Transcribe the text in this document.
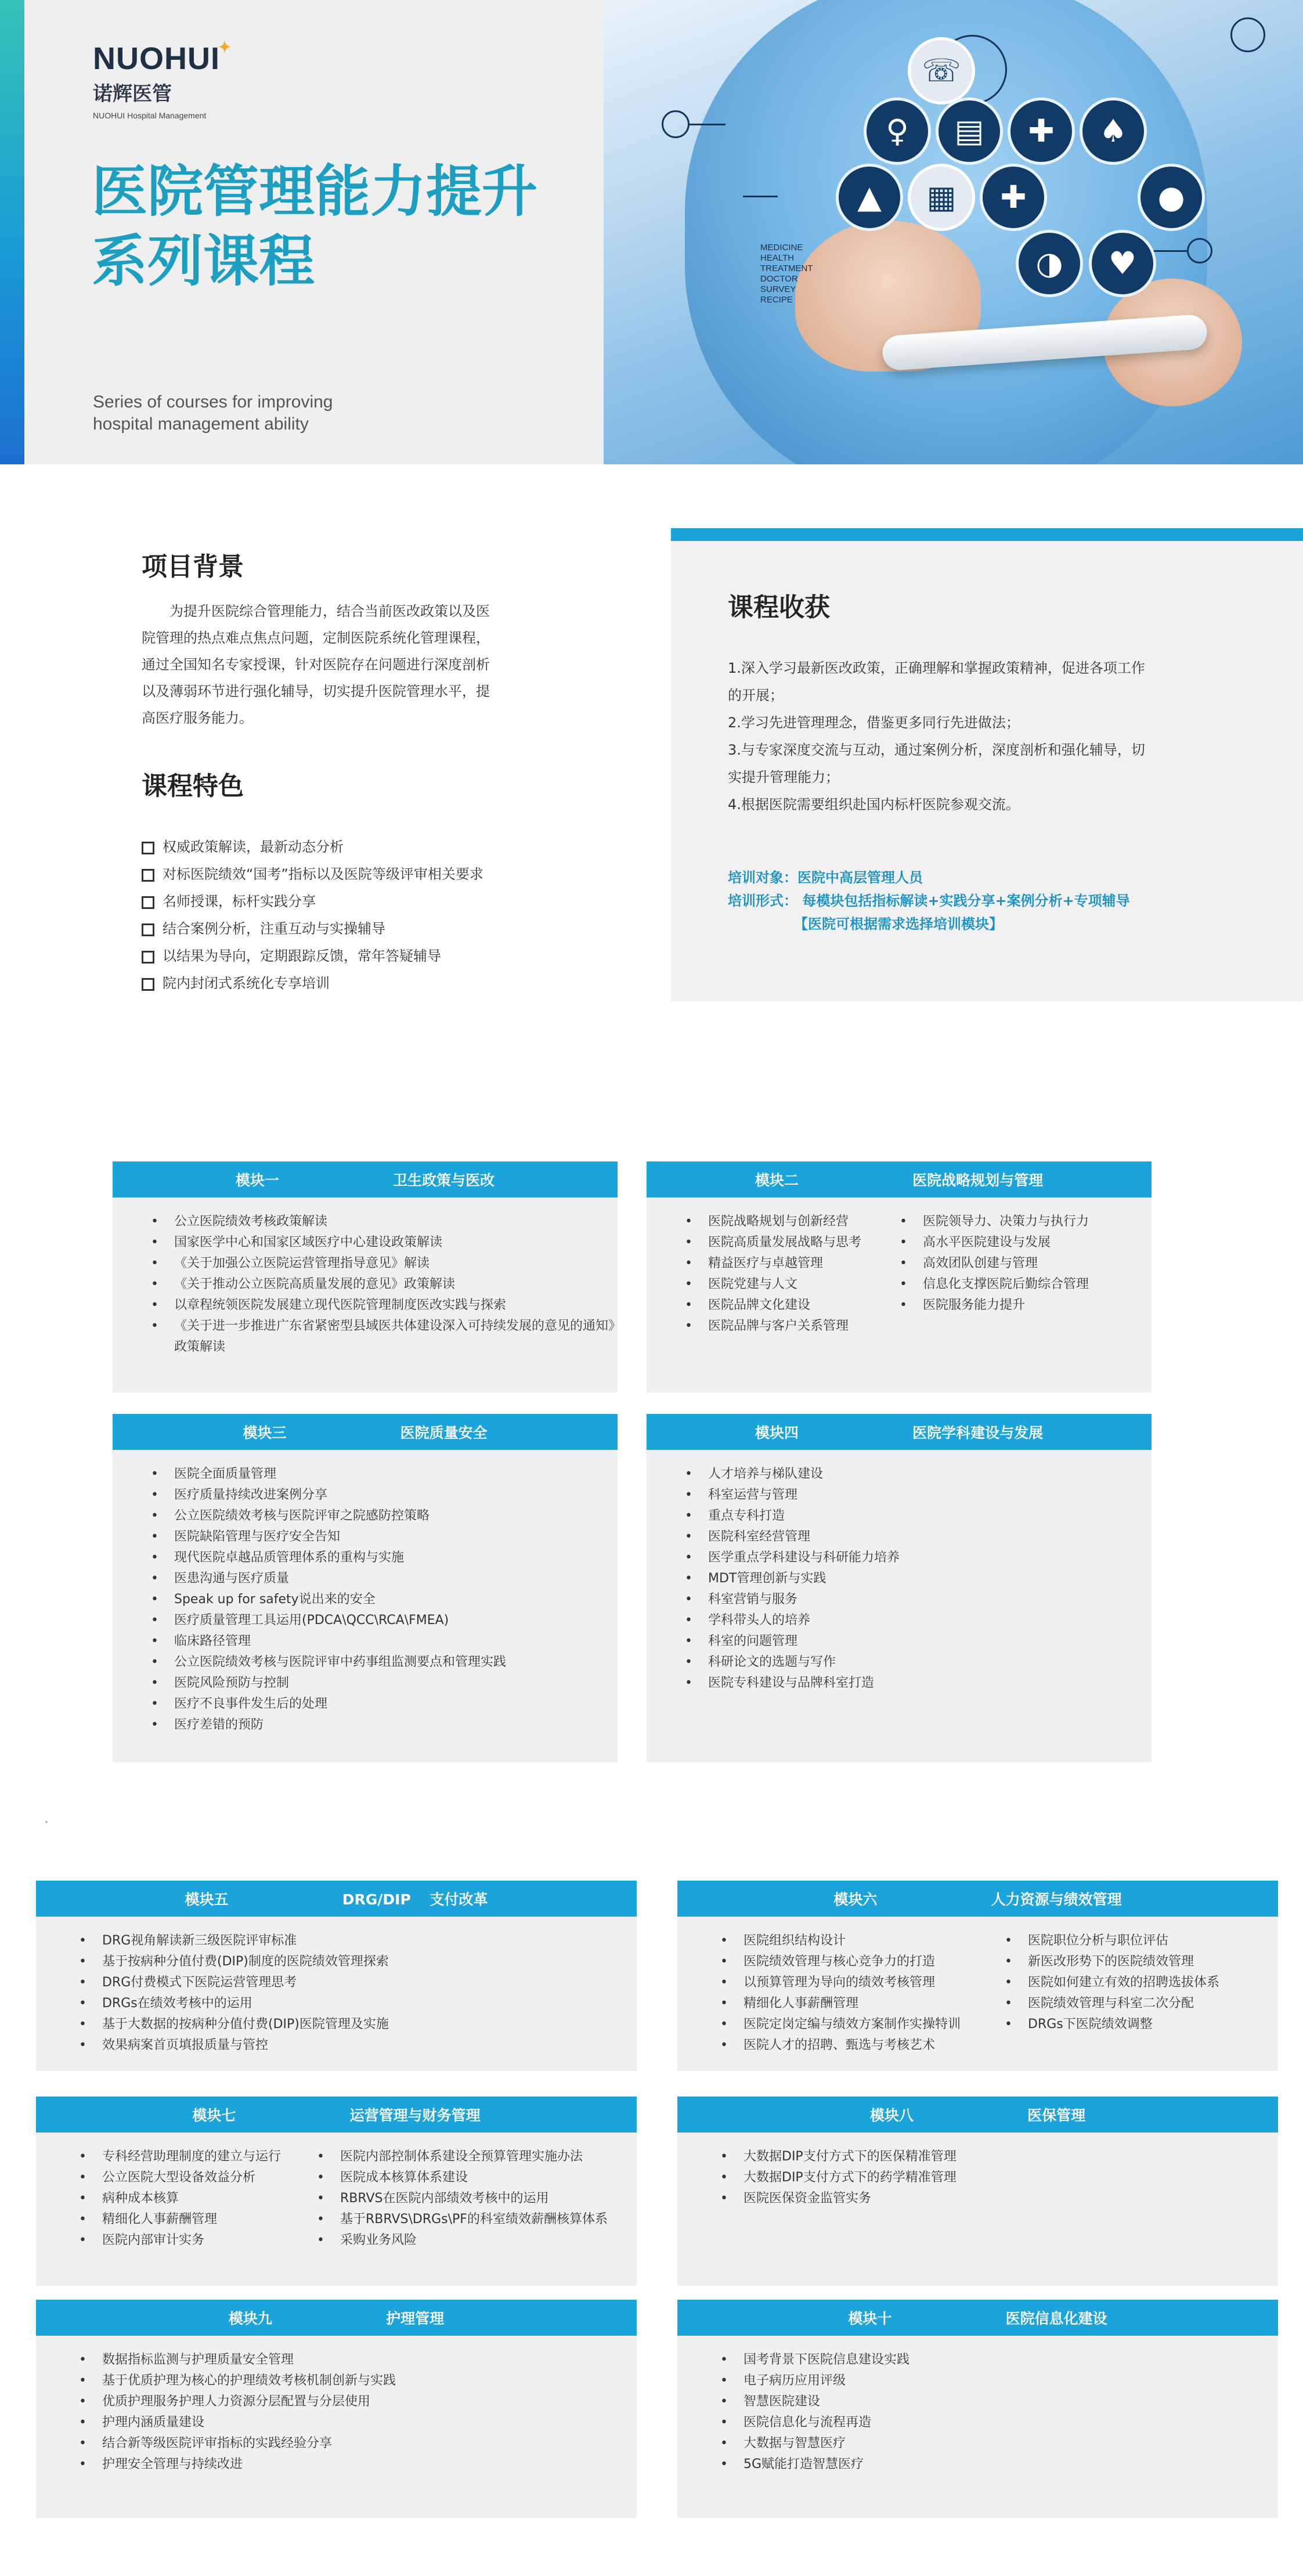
☏
♀	▤	✚	♠
▲	▦	✚	●
◑	♥
MEDICINE
HEALTH
TREATMENT
DOCTOR
SURVEY
RECIPE
NUOHUI
✦
诺辉医管
NUOHUI Hospital Management
医院管理能力提升
系列课程
Series of courses for improving
hospital management ability
项目背景

为提升医院综合管理能力，结合当前医改政策以及医院管理的热点难点焦点问题，定制医院系统化管理课程，通过全国知名专家授课，针对医院存在问题进行深度剖析以及薄弱环节进行强化辅导，切实提升医院管理水平，提高医疗服务能力。

课程特色
权威政策解读，最新动态分析
对标医院绩效“国考”指标以及医院等级评审相关要求
名师授课，标杆实践分享
结合案例分析，注重互动与实操辅导
以结果为导向，定期跟踪反馈，常年答疑辅导
院内封闭式系统化专享培训
课程收获
1.深入学习最新医改政策，正确理解和掌握政策精神，促进各项工作的开展；
2.学习先进管理理念，借鉴更多同行先进做法；
3.与专家深度交流与互动，通过案例分析，深度剖析和强化辅导，切实提升管理能力；
4.根据医院需要组织赴国内标杆医院参观交流。
培训对象：医院中高层管理人员
培训形式： 每模块包括指标解读+实践分享+案例分析+专项辅导
【医院可根据需求选择培训模块】
模块一
	卫生政策与医改
• 公立医院绩效考核政策解读
• 国家医学中心和国家区域医疗中心建设政策解读
• 《关于加强公立医院运营管理指导意见》解读
• 《关于推动公立医院高质量发展的意见》政策解读
• 以章程统领医院发展建立现代医院管理制度医改实践与探索
• 《关于进一步推进广东省紧密型县域医共体建设深入可持续发展的意见的通知》政策解读
模块二
	医院战略规划与管理
• 医院战略规划与创新经营
• 医院高质量发展战略与思考
• 精益医疗与卓越管理
• 医院党建与人文
• 医院品牌文化建设
• 医院品牌与客户关系管理
• 医院领导力、决策力与执行力
• 高水平医院建设与发展
• 高效团队创建与管理
• 信息化支撑医院后勤综合管理
• 医院服务能力提升
模块三
	医院质量安全
• 医院全面质量管理
• 医疗质量持续改进案例分享
• 公立医院绩效考核与医院评审之院感防控策略
• 医院缺陷管理与医疗安全告知
• 现代医院卓越品质管理体系的重构与实施
• 医患沟通与医疗质量
• Speak up for safety说出来的安全
• 医疗质量管理工具运用(PDCA\QCC\RCA\FMEA)
• 临床路径管理
• 公立医院绩效考核与医院评审中药事组监测要点和管理实践
• 医院风险预防与控制
• 医疗不良事件发生后的处理
• 医疗差错的预防
模块四
	医院学科建设与发展
• 人才培养与梯队建设
• 科室运营与管理
• 重点专科打造
• 医院科室经营管理
• 医学重点学科建设与科研能力培养
• MDT管理创新与实践
• 科室营销与服务
• 学科带头人的培养
• 科室的问题管理
• 科研论文的选题与写作
• 医院专科建设与品牌科室打造
模块五
	DRG/DIP 支付改革
• DRG视角解读新三级医院评审标准
• 基于按病种分值付费(DIP)制度的医院绩效管理探索
• DRG付费模式下医院运营管理思考
• DRGs在绩效考核中的运用
• 基于大数据的按病种分值付费(DIP)医院管理及实施
• 效果病案首页填报质量与管控
模块六
	人力资源与绩效管理
• 医院组织结构设计
• 医院绩效管理与核心竞争力的打造
• 以预算管理为导向的绩效考核管理
• 精细化人事薪酬管理
• 医院定岗定编与绩效方案制作实操特训
• 医院人才的招聘、甄选与考核艺术
• 医院职位分析与职位评估
• 新医改形势下的医院绩效管理
• 医院如何建立有效的招聘选拔体系
• 医院绩效管理与科室二次分配
• DRGs下医院绩效调整
模块七
	运营管理与财务管理
• 专科经营助理制度的建立与运行
• 公立医院大型设备效益分析
• 病种成本核算
• 精细化人事薪酬管理
• 医院内部审计实务
• 医院内部控制体系建设全预算管理实施办法
• 医院成本核算体系建设
• RBRVS在医院内部绩效考核中的运用
• 基于RBRVS\DRGs\PF的科室绩效薪酬核算体系
• 采购业务风险
模块八
	医保管理
• 大数据DIP支付方式下的医保精准管理
• 大数据DIP支付方式下的药学精准管理
• 医院医保资金监管实务
模块九
	护理管理
• 数据指标监测与护理质量安全管理
• 基于优质护理为核心的护理绩效考核机制创新与实践
• 优质护理服务护理人力资源分层配置与分层使用
• 护理内涵质量建设
• 结合新等级医院评审指标的实践经验分享
• 护理安全管理与持续改进
模块十
	医院信息化建设
• 国考背景下医院信息建设实践
• 电子病历应用评级
• 智慧医院建设
• 医院信息化与流程再造
• 大数据与智慧医疗
• 5G赋能打造智慧医疗
